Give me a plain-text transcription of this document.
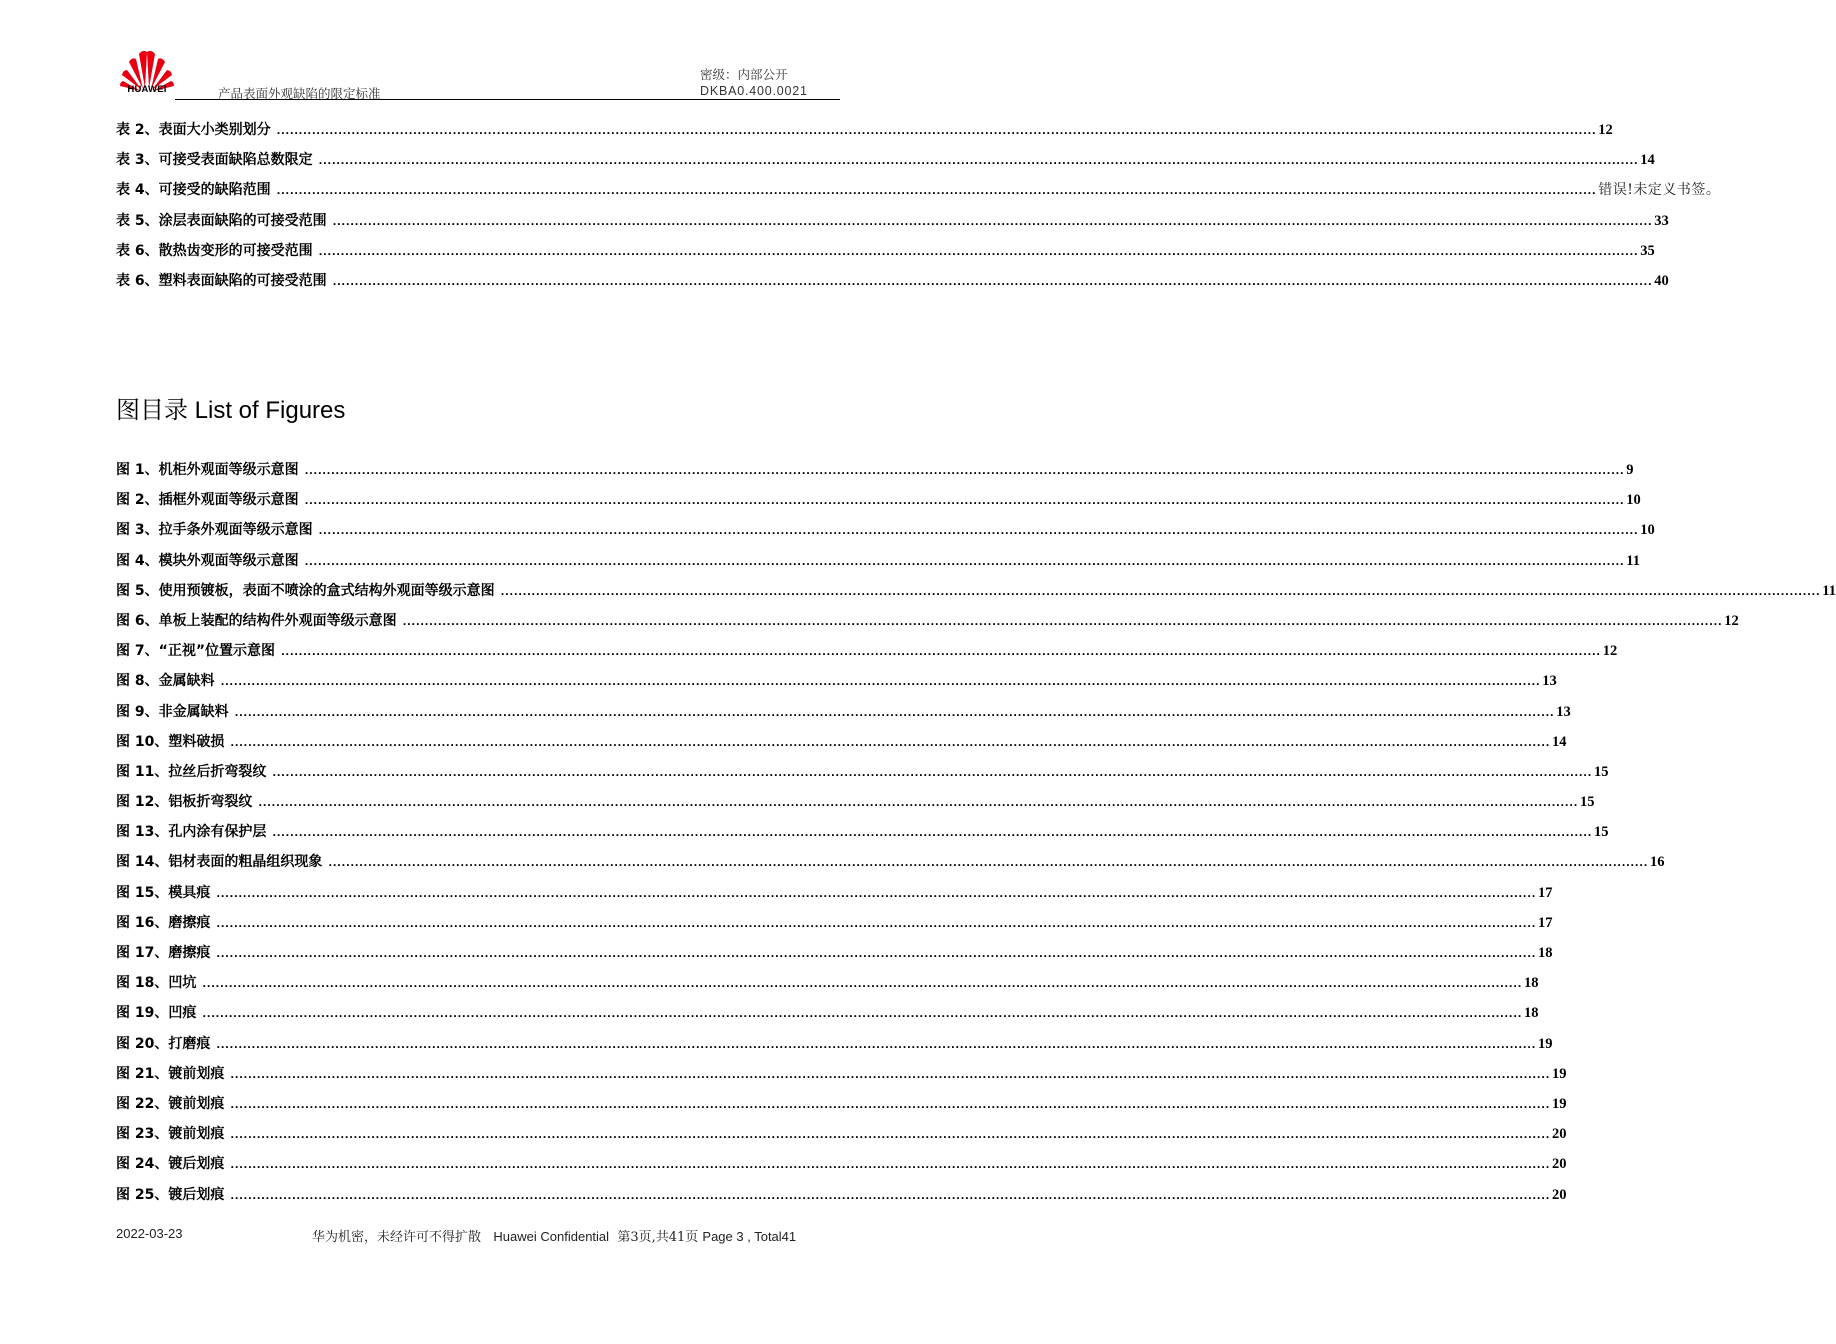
HUAWEI	产品表面外观缺陷的限定标准
密级：内部公开
DKBA0.400.0021
表 2、 表面大小类别划分 ............................................................................................................................................................................................................................................................................................................ 12
表 3、 可接受表面缺陷总数限定 ............................................................................................................................................................................................................................................................................................................ 14
表 4、 可接受的缺陷范围 ............................................................................................................................................................................................................................................................................................................ 错误!未定义书签。
表 5、 涂层表面缺陷的可接受范围 ............................................................................................................................................................................................................................................................................................................ 33
表 6、 散热齿变形的可接受范围 ............................................................................................................................................................................................................................................................................................................ 35
表 6、 塑料表面缺陷的可接受范围 ............................................................................................................................................................................................................................................................................................................ 40
图目录 List of Figures
图 1、 机柜外观面等级示意图 ............................................................................................................................................................................................................................................................................................................ 9
图 2、 插框外观面等级示意图 ............................................................................................................................................................................................................................................................................................................ 10
图 3、 拉手条外观面等级示意图 ............................................................................................................................................................................................................................................................................................................ 10
图 4、 模块外观面等级示意图 ............................................................................................................................................................................................................................................................................................................ 11
图 5、 使用预镀板，表面不喷涂的盒式结构外观面等级示意图 ............................................................................................................................................................................................................................................................................................................ 11
图 6、 单板上装配的结构件外观面等级示意图 ............................................................................................................................................................................................................................................................................................................ 12
图 7、 “正视”位置示意图 ............................................................................................................................................................................................................................................................................................................ 12
图 8、 金属缺料 ............................................................................................................................................................................................................................................................................................................ 13
图 9、 非金属缺料 ............................................................................................................................................................................................................................................................................................................ 13
图 10、 塑料破损 ............................................................................................................................................................................................................................................................................................................ 14
图 11、 拉丝后折弯裂纹 ............................................................................................................................................................................................................................................................................................................ 15
图 12、 铝板折弯裂纹 ............................................................................................................................................................................................................................................................................................................ 15
图 13、 孔内涂有保护层 ............................................................................................................................................................................................................................................................................................................ 15
图 14、 铝材表面的粗晶组织现象 ............................................................................................................................................................................................................................................................................................................ 16
图 15、 模具痕 ............................................................................................................................................................................................................................................................................................................ 17
图 16、 磨擦痕 ............................................................................................................................................................................................................................................................................................................ 17
图 17、 磨擦痕 ............................................................................................................................................................................................................................................................................................................ 18
图 18、 凹坑 ............................................................................................................................................................................................................................................................................................................ 18
图 19、 凹痕 ............................................................................................................................................................................................................................................................................................................ 18
图 20、 打磨痕 ............................................................................................................................................................................................................................................................................................................ 19
图 21、 镀前划痕 ............................................................................................................................................................................................................................................................................................................ 19
图 22、 镀前划痕 ............................................................................................................................................................................................................................................................................................................ 19
图 23、 镀前划痕 ............................................................................................................................................................................................................................................................................................................ 20
图 24、 镀后划痕 ............................................................................................................................................................................................................................................................................................................ 20
图 25、 镀后划痕 ............................................................................................................................................................................................................................................................................................................ 20
2022-03-23	华为机密，未经许可不得扩散 Huawei Confidential 第3页,共41页 Page 3 , Total41
